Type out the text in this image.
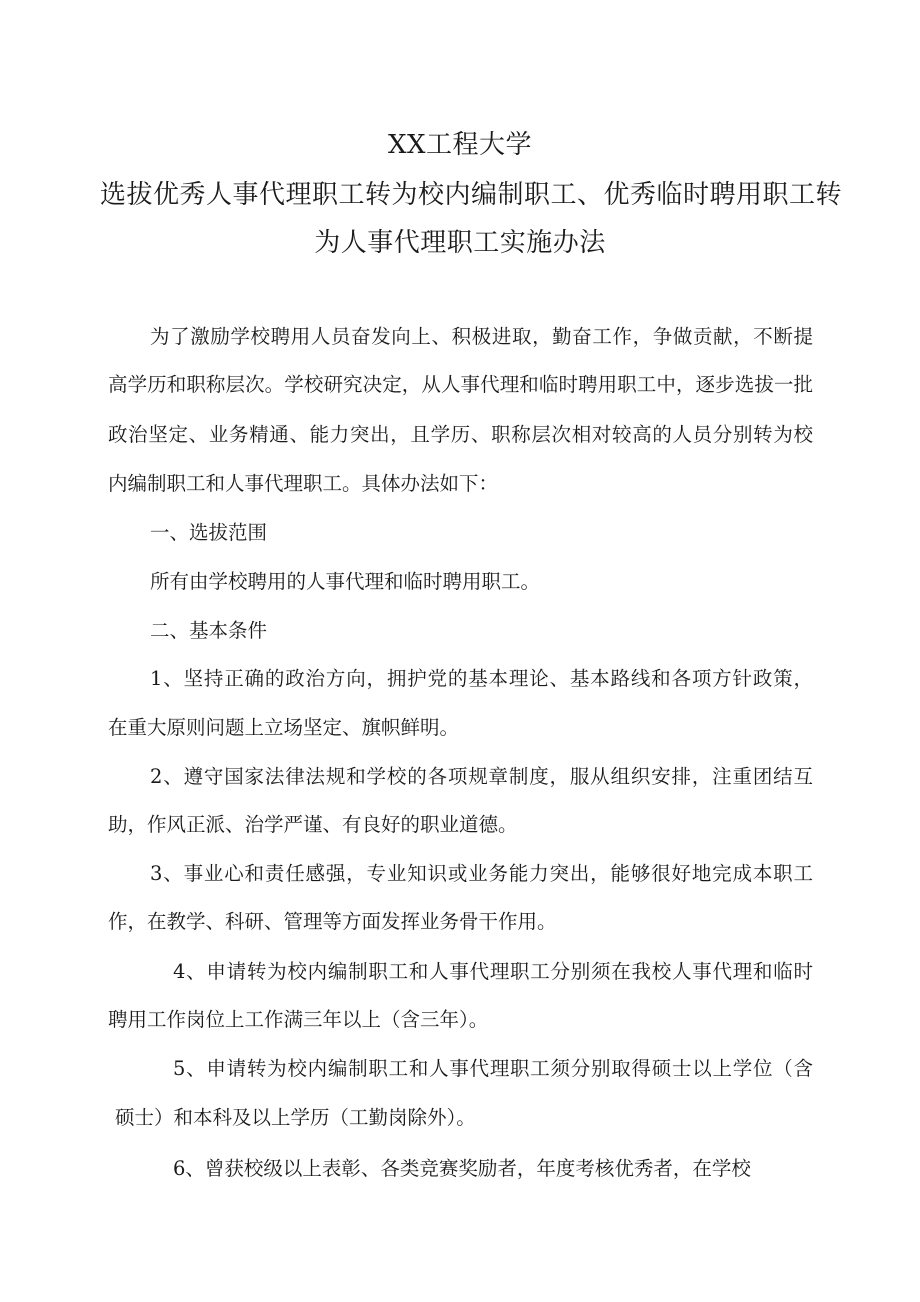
XX工程大学
选拔优秀人事代理职工转为校内编制职工、优秀临时聘用职工转
为人事代理职工实施办法
为了激励学校聘用人员奋发向上、积极进取，勤奋工作，争做贡献，不断提
高学历和职称层次。学校研究决定，从人事代理和临时聘用职工中，逐步选拔一批
政治坚定、业务精通、能力突出，且学历、职称层次相对较高的人员分别转为校
内编制职工和人事代理职工。具体办法如下：
一、选拔范围
所有由学校聘用的人事代理和临时聘用职工。
二、基本条件
1、坚持正确的政治方向，拥护党的基本理论、基本路线和各项方针政策，
在重大原则问题上立场坚定、旗帜鲜明。
2、遵守国家法律法规和学校的各项规章制度，服从组织安排，注重团结互
助，作风正派、治学严谨、有良好的职业道德。
3、事业心和责任感强，专业知识或业务能力突出，能够很好地完成本职工
作，在教学、科研、管理等方面发挥业务骨干作用。
4、申请转为校内编制职工和人事代理职工分别须在我校人事代理和临时
聘用工作岗位上工作满三年以上（含三年）。
5、申请转为校内编制职工和人事代理职工须分别取得硕士以上学位（含
硕士）和本科及以上学历（工勤岗除外）。
6、曾获校级以上表彰、各类竞赛奖励者，年度考核优秀者，在学校
